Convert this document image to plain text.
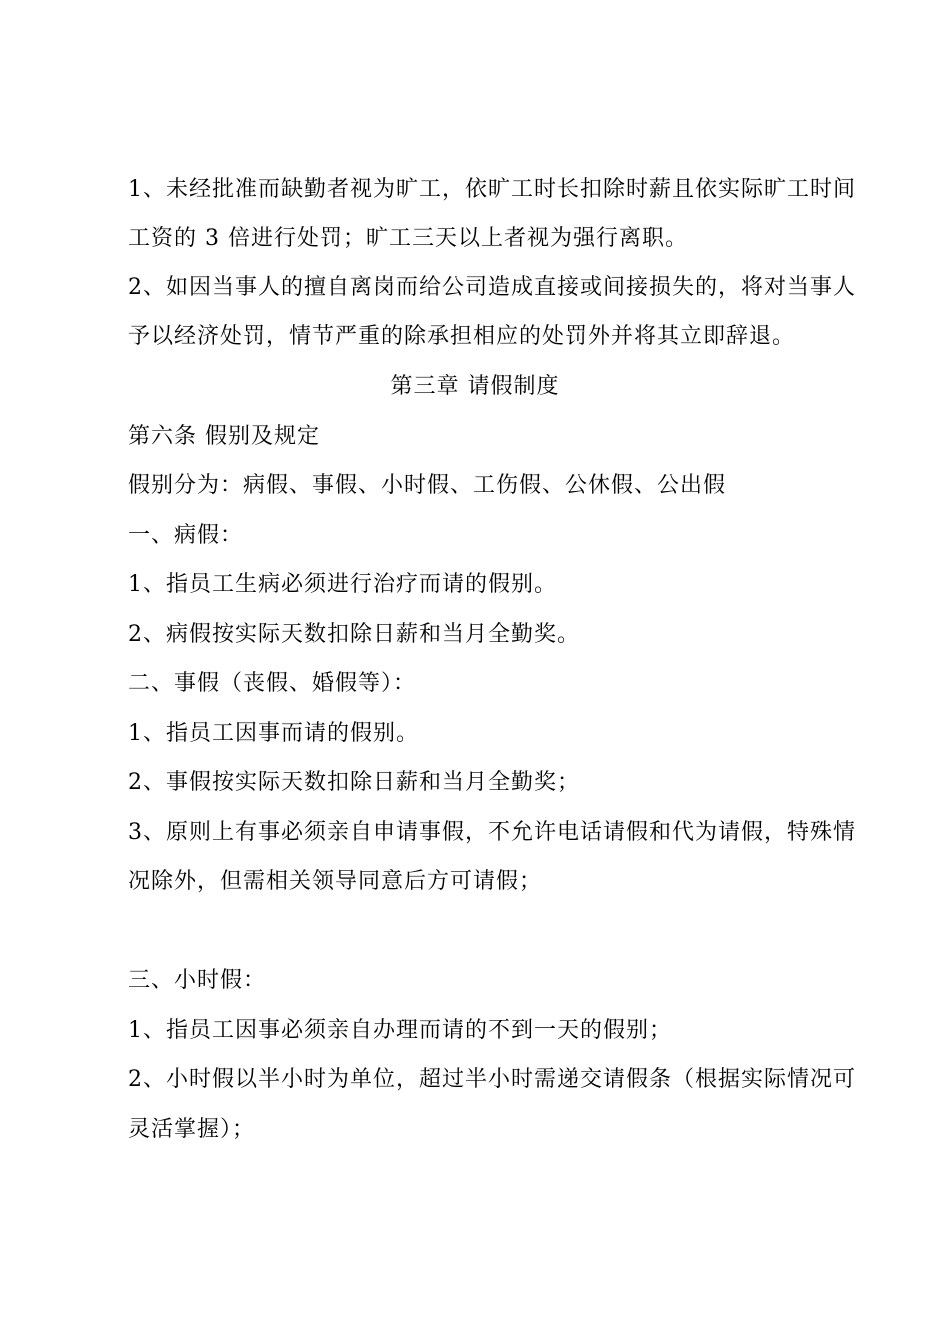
1、未经批准而缺勤者视为旷工，依旷工时长扣除时薪且依实际旷工时间
工资的 3 倍进行处罚；旷工三天以上者视为强行离职。
2、如因当事人的擅自离岗而给公司造成直接或间接损失的，将对当事人
予以经济处罚，情节严重的除承担相应的处罚外并将其立即辞退。
第三章 请假制度
第六条 假别及规定
假别分为：病假、事假、小时假、工伤假、公休假、公出假
一、病假：
1、指员工生病必须进行治疗而请的假别。
2、病假按实际天数扣除日薪和当月全勤奖。
二、事假（丧假、婚假等）：
1、指员工因事而请的假别。
2、事假按实际天数扣除日薪和当月全勤奖；
3、原则上有事必须亲自申请事假，不允许电话请假和代为请假，特殊情
况除外，但需相关领导同意后方可请假；
三、小时假：
1、指员工因事必须亲自办理而请的不到一天的假别；
2、小时假以半小时为单位，超过半小时需递交请假条（根据实际情况可
灵活掌握）；
